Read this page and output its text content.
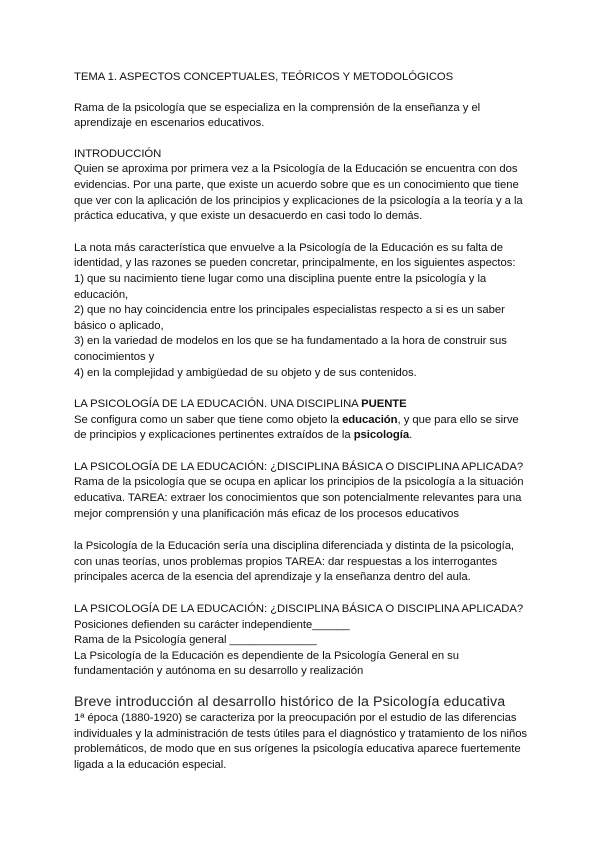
TEMA 1. ASPECTOS CONCEPTUALES, TEÓRICOS Y METODOLÓGICOS

Rama de la psicología que se especializa en la comprensión de la enseñanza y el
aprendizaje en escenarios educativos.

INTRODUCCIÓN
Quien se aproxima por primera vez a la Psicología de la Educación se encuentra con dos
evidencias. Por una parte, que existe un acuerdo sobre que es un conocimiento que tiene
que ver con la aplicación de los principios y explicaciones de la psicología a la teoría y a la
práctica educativa, y que existe un desacuerdo en casi todo lo demás.

La nota más característica que envuelve a la Psicología de la Educación es su falta de
identidad, y las razones se pueden concretar, principalmente, en los siguientes aspectos:
1) que su nacimiento tiene lugar como una disciplina puente entre la psicología y la
educación,
2) que no hay coincidencia entre los principales especialistas respecto a si es un saber
básico o aplicado,
3) en la variedad de modelos en los que se ha fundamentado a la hora de construir sus
conocimientos y
4) en la complejidad y ambigüedad de su objeto y de sus contenidos.

LA PSICOLOGÍA DE LA EDUCACIÓN. UNA DISCIPLINA PUENTE
Se configura como un saber que tiene como objeto la educación, y que para ello se sirve
de principios y explicaciones pertinentes extraídos de la psicología.

LA PSICOLOGÍA DE LA EDUCACIÓN: ¿DISCIPLINA BÁSICA O DISCIPLINA APLICADA?
Rama de la psicología que se ocupa en aplicar los principios de la psicología a la situación
educativa. TAREA: extraer los conocimientos que son potencialmente relevantes para una
mejor comprensión y una planificación más eficaz de los procesos educativos

la Psicología de la Educación sería una disciplina diferenciada y distinta de la psicología,
con unas teorías, unos problemas propios TAREA: dar respuestas a los interrogantes
principales acerca de la esencia del aprendizaje y la enseñanza dentro del aula.

LA PSICOLOGÍA DE LA EDUCACIÓN: ¿DISCIPLINA BÁSICA O DISCIPLINA APLICADA?
Posiciones defienden su carácter independiente______
Rama de la Psicología general ______________
La Psicología de la Educación es dependiente de la Psicología General en su
fundamentación y autónoma en su desarrollo y realización

Breve introducción al desarrollo histórico de la Psicología educativa
1ª época (1880-1920) se caracteriza por la preocupación por el estudio de las diferencias
individuales y la administración de tests útiles para el diagnóstico y tratamiento de los niños
problemáticos, de modo que en sus orígenes la psicología educativa aparece fuertemente
ligada a la educación especial.
